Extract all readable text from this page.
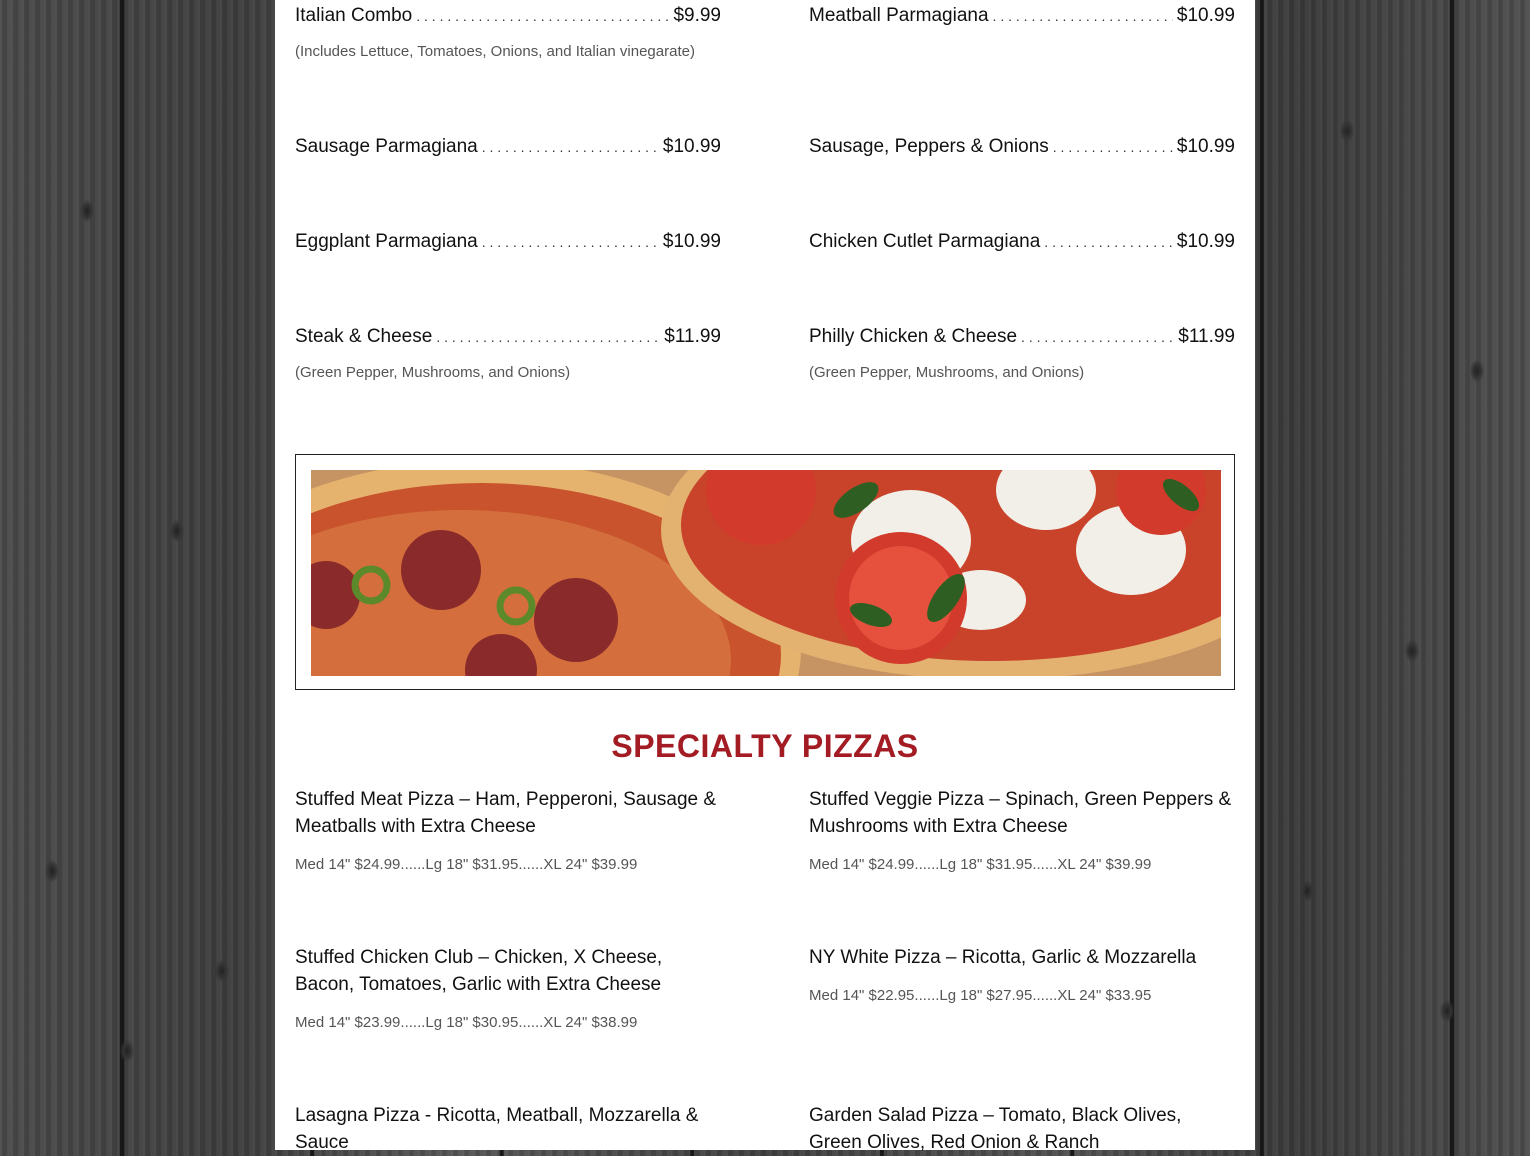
Italian Combo . . .	$9.99
(Includes Lettuce, Tomatoes, Onions, and Italian vinegarate)
Sausage Parmagiana . . .	$10.99
Eggplant Parmagiana . . .	$10.99
Steak & Cheese . . .	$11.99
(Green Pepper, Mushrooms, and Onions)
Meatball Parmagiana . . .	$10.99
Sausage, Peppers & Onions . . .	$10.99
Chicken Cutlet Parmagiana . . .	$10.99
Philly Chicken & Cheese . . .	$11.99
(Green Pepper, Mushrooms, and Onions)
SPECIALTY PIZZAS
Stuffed Meat Pizza – Ham, Pepperoni, Sausage & Meatballs with Extra Cheese
Med 14" $24.99......Lg 18" $31.95......XL 24" $39.99
Stuffed Chicken Club – Chicken, X Cheese, Bacon, Tomatoes, Garlic with Extra Cheese
Med 14" $23.99......Lg 18" $30.95......XL 24" $38.99
Lasagna Pizza - Ricotta, Meatball, Mozzarella & Sauce
Stuffed Veggie Pizza – Spinach, Green Peppers & Mushrooms with Extra Cheese
Med 14" $24.99......Lg 18" $31.95......XL 24" $39.99
NY White Pizza – Ricotta, Garlic & Mozzarella
Med 14" $22.95......Lg 18" $27.95......XL 24" $33.95
Garden Salad Pizza – Tomato, Black Olives, Green Olives, Red Onion & Ranch
